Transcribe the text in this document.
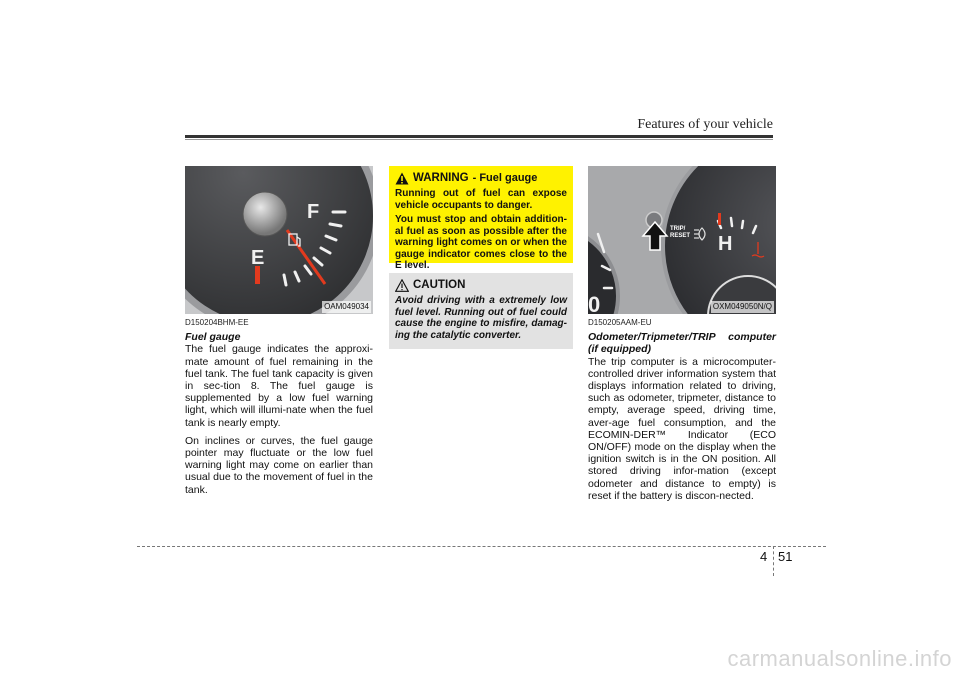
Features of your vehicle
F
E
OAM049034
D150204BHM-EE
Fuel gauge

The fuel gauge indicates the approxi-mate amount of fuel remaining in the fuel tank. The fuel tank capacity is given in sec-tion 8. The fuel gauge is supplemented by a low fuel warning light, which will illumi-nate when the fuel tank is nearly empty.

On inclines or curves, the fuel gauge pointer may fluctuate or the low fuel warning light may come on earlier than usual due to the movement of fuel in the tank.

WARNING - Fuel gauge

Running out of fuel can expose vehicle occupants to danger.

You must stop and obtain addition-al fuel as soon as possible after the warning light comes on or when the gauge indicator comes close to the E level.

CAUTION
Avoid driving with a extremely low fuel level. Running out of fuel could cause the engine to misfire, damag-ing the catalytic converter.
0
H
TRIP/ RESET
OXM049050N/Q
D150205AAM-EU
Odometer/Tripmeter/TRIP computer (if equipped)

The trip computer is a microcomputer-controlled driver information system that displays information related to driving, such as odometer, tripmeter, distance to empty, average speed, driving time, aver-age fuel consumption, and the ECOMIN-DER™ Indicator (ECO ON/OFF) mode on the display when the ignition switch is in the ON position. All stored driving infor-mation (except odometer and distance to empty) is reset if the battery is discon-nected.

4 51
carmanualsonline.info
